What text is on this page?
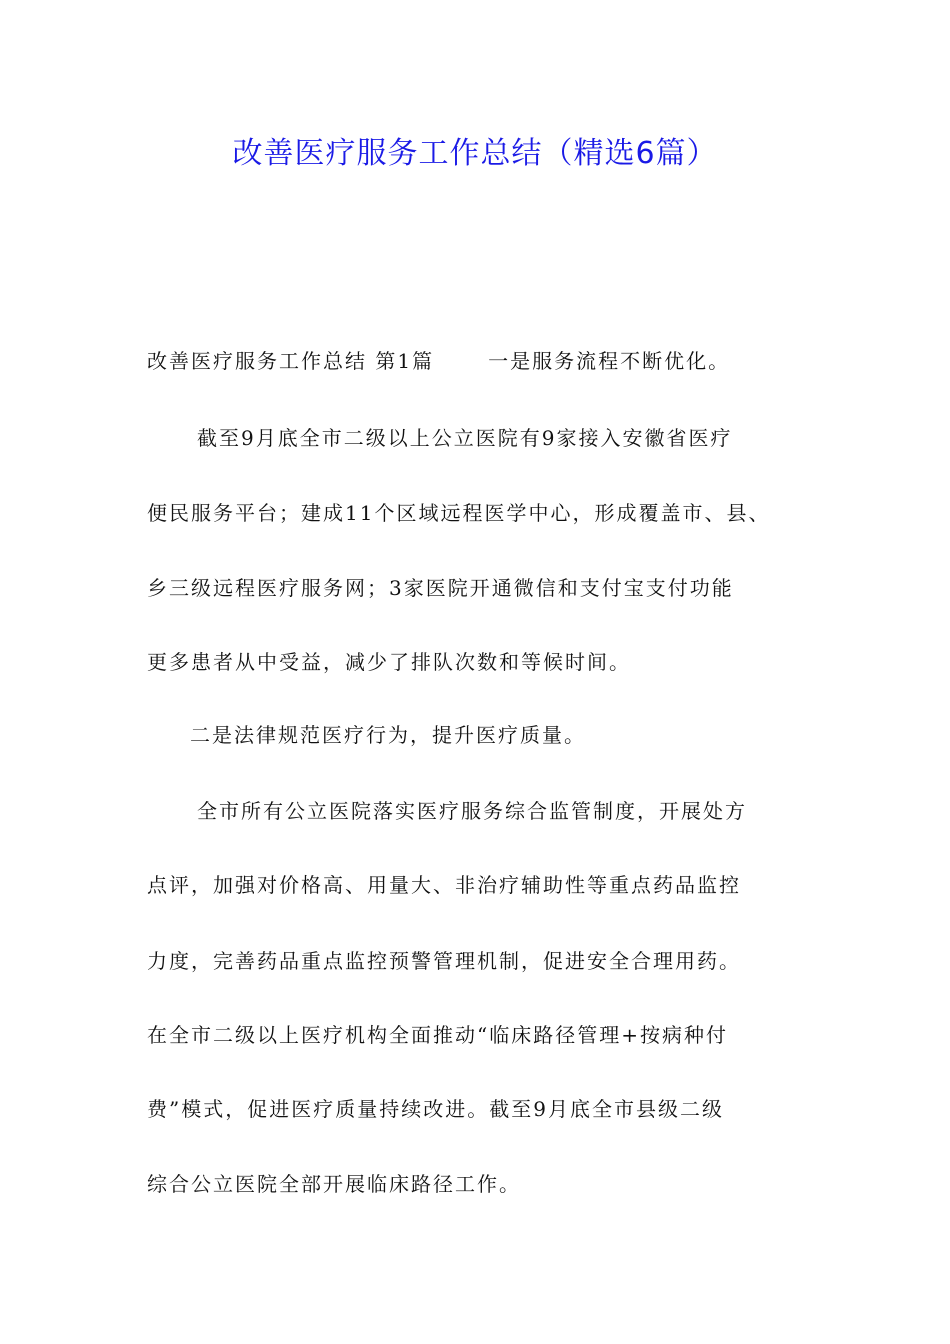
改善医疗服务工作总结（精选6篇）
改善医疗服务工作总结 第1篇	一是服务流程不断优化。
截至9月底全市二级以上公立医院有9家接入安徽省医疗
便民服务平台；建成11个区域远程医学中心，形成覆盖市、县、
乡三级远程医疗服务网；3家医院开通微信和支付宝支付功能
更多患者从中受益，减少了排队次数和等候时间。
二是法律规范医疗行为，提升医疗质量。
全市所有公立医院落实医疗服务综合监管制度，开展处方
点评，加强对价格高、用量大、非治疗辅助性等重点药品监控
力度，完善药品重点监控预警管理机制，促进安全合理用药。
在全市二级以上医疗机构全面推动“临床路径管理+按病种付
费”模式，促进医疗质量持续改进。截至9月底全市县级二级
综合公立医院全部开展临床路径工作。
